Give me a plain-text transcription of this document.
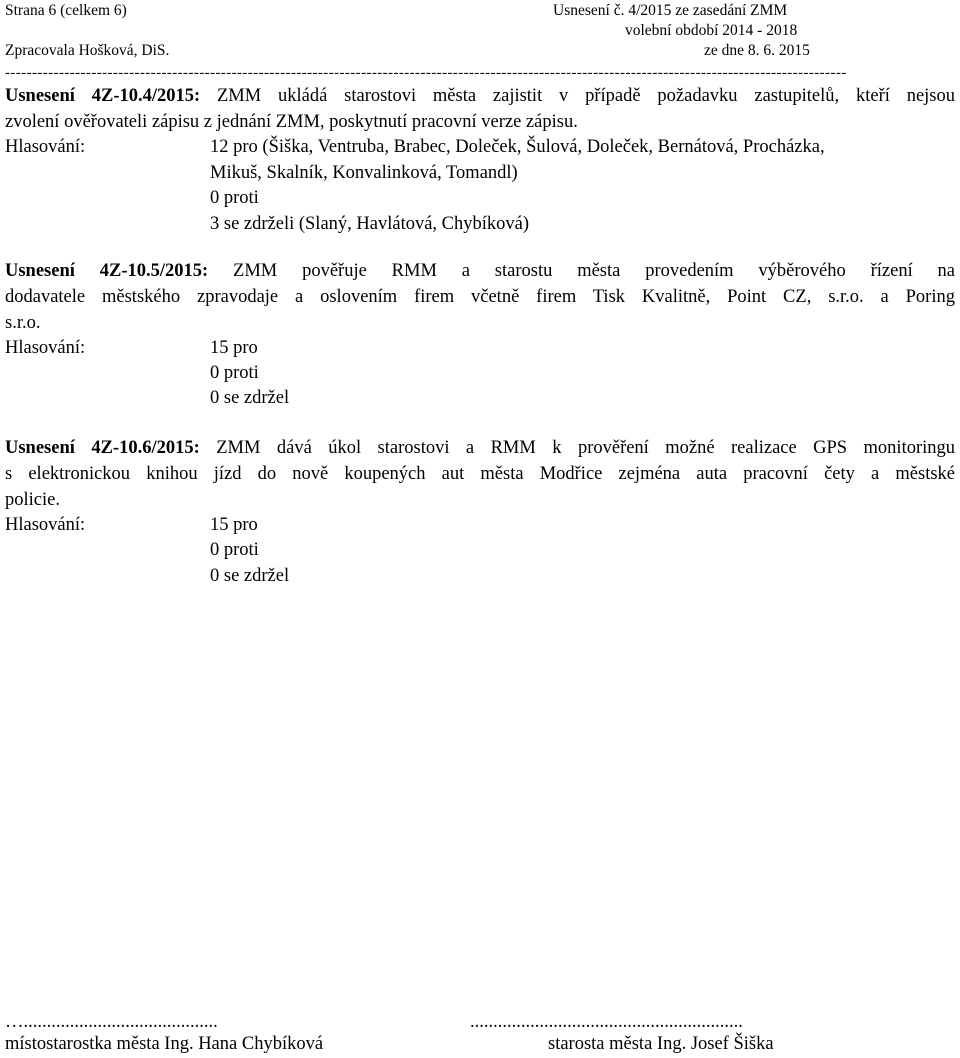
Strana 6 (celkem 6)
Zpracovala Hošková, DiS.
Usnesení č. 4/2015 ze zasedání ZMM
volební období 2014 - 2018
ze dne 8. 6. 2015
------------------------------------------------------------------------------------------------------------------------------------------------------------
Usnesení 4Z-10.4/2015: ZMM ukládá starostovi města zajistit v případě požadavku zastupitelů, kteří nejsou
zvolení ověřovateli zápisu z jednání ZMM, poskytnutí pracovní verze zápisu.
Hlasování:	12 pro (Šiška, Ventruba, Brabec, Doleček, Šulová, Doleček, Bernátová, Procházka,
Mikuš, Skalník, Konvalinková, Tomandl)
0 proti
3 se zdrželi (Slaný, Havlátová, Chybíková)
Usnesení 4Z-10.5/2015: ZMM pověřuje RMM a starostu města provedením výběrového řízení na
dodavatele městského zpravodaje a oslovením firem včetně firem Tisk Kvalitně, Point CZ, s.r.o. a Poring
s.r.o.
Hlasování:	15 pro
0 proti
0 se zdržel
Usnesení 4Z-10.6/2015: ZMM dává úkol starostovi a RMM k prověření možné realizace GPS monitoringu
s elektronickou knihou jízd do nově koupených aut města Modřice zejména auta pracovní čety a městské
policie.
Hlasování:	15 pro
0 proti
0 se zdržel
…..........................................
místostarostka města Ing. Hana Chybíková
...........................................................
starosta města Ing. Josef Šiška
